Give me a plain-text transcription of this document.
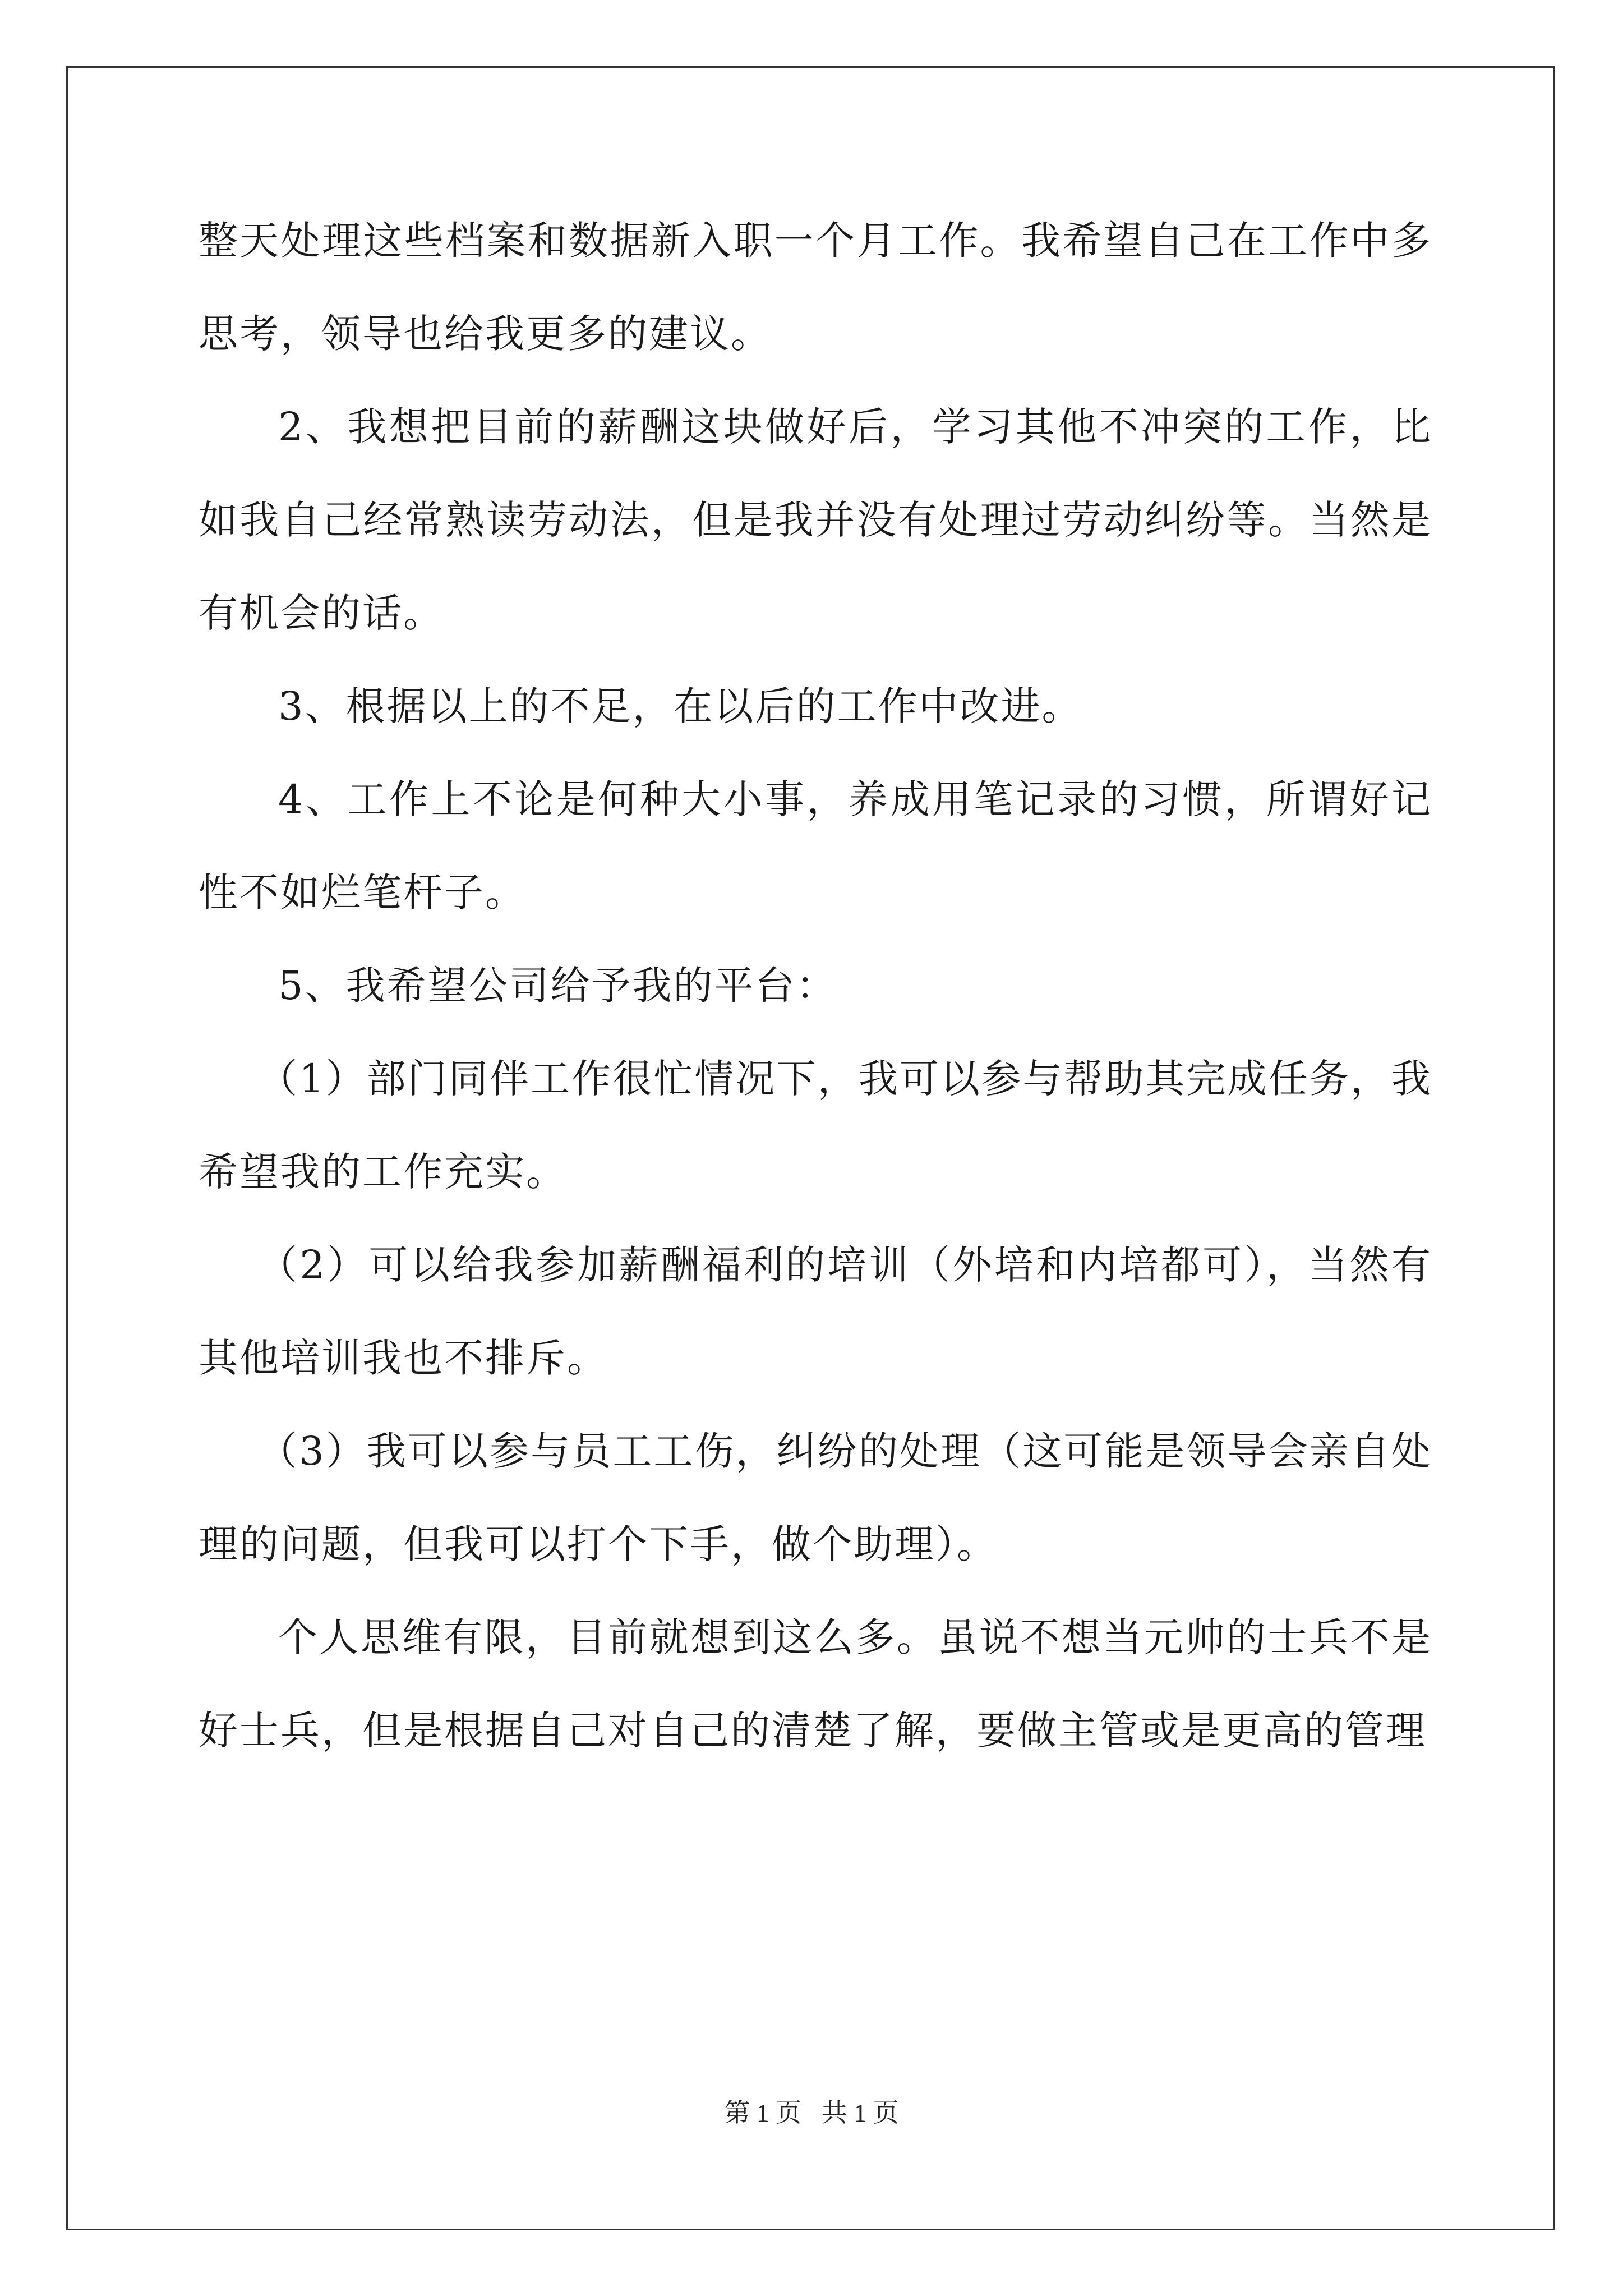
整天处理这些档案和数据新入职一个月工作。我希望自己在工作中多思考，领导也给我更多的建议。

2、我想把目前的薪酬这块做好后，学习其他不冲突的工作，比如我自己经常熟读劳动法，但是我并没有处理过劳动纠纷等。当然是有机会的话。

3、根据以上的不足，在以后的工作中改进。

4、工作上不论是何种大小事，养成用笔记录的习惯，所谓好记性不如烂笔杆子。

5、我希望公司给予我的平台：

（1）部门同伴工作很忙情况下，我可以参与帮助其完成任务，我希望我的工作充实。

（2）可以给我参加薪酬福利的培训（外培和内培都可），当然有其他培训我也不排斥。

（3）我可以参与员工工伤，纠纷的处理（这可能是领导会亲自处理的问题，但我可以打个下手，做个助理）。

个人思维有限，目前就想到这么多。虽说不想当元帅的士兵不是好士兵，但是根据自己对自己的清楚了解，要做主管或是更高的管理

第 1 页 共 1 页
